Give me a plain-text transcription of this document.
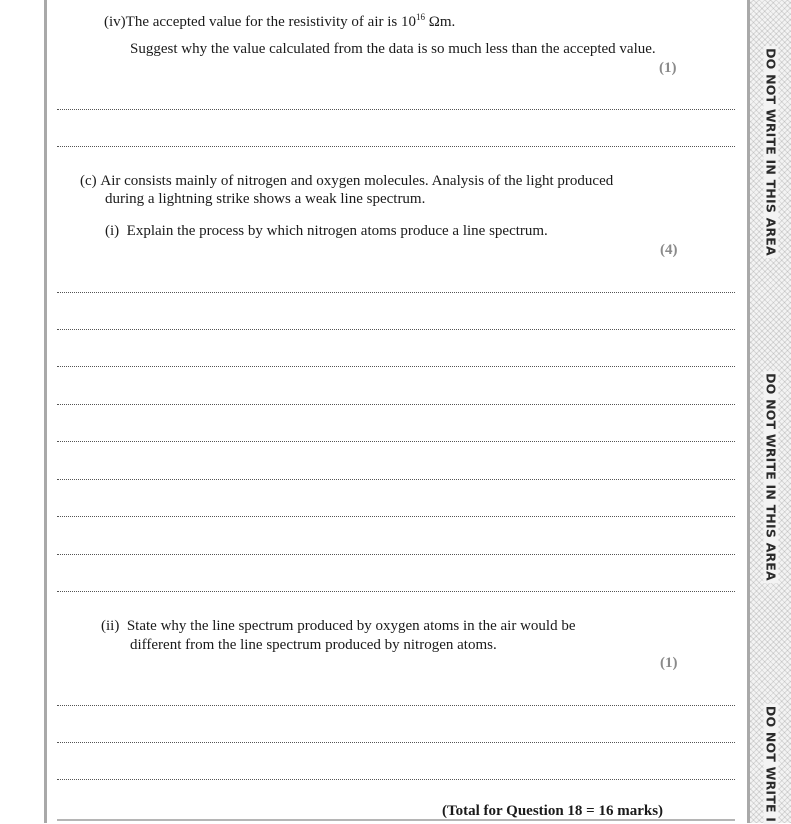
DO NOT WRITE IN THIS AREA
DO NOT WRITE IN THIS AREA
DO NOT WRITE I
(iv)The accepted value for the resistivity of air is $10^{16}$ Ωm.
Suggest why the value calculated from the data is so much less than the accepted value.
(1)
(c) Air consists mainly of nitrogen and oxygen molecules. Analysis of the light produced
during a lightning strike shows a weak line spectrum.
(i) Explain the process by which nitrogen atoms produce a line spectrum.
(4)
(ii) State why the line spectrum produced by oxygen atoms in the air would be
different from the line spectrum produced by nitrogen atoms.
(1)
(Total for Question 18 = 16 marks)
